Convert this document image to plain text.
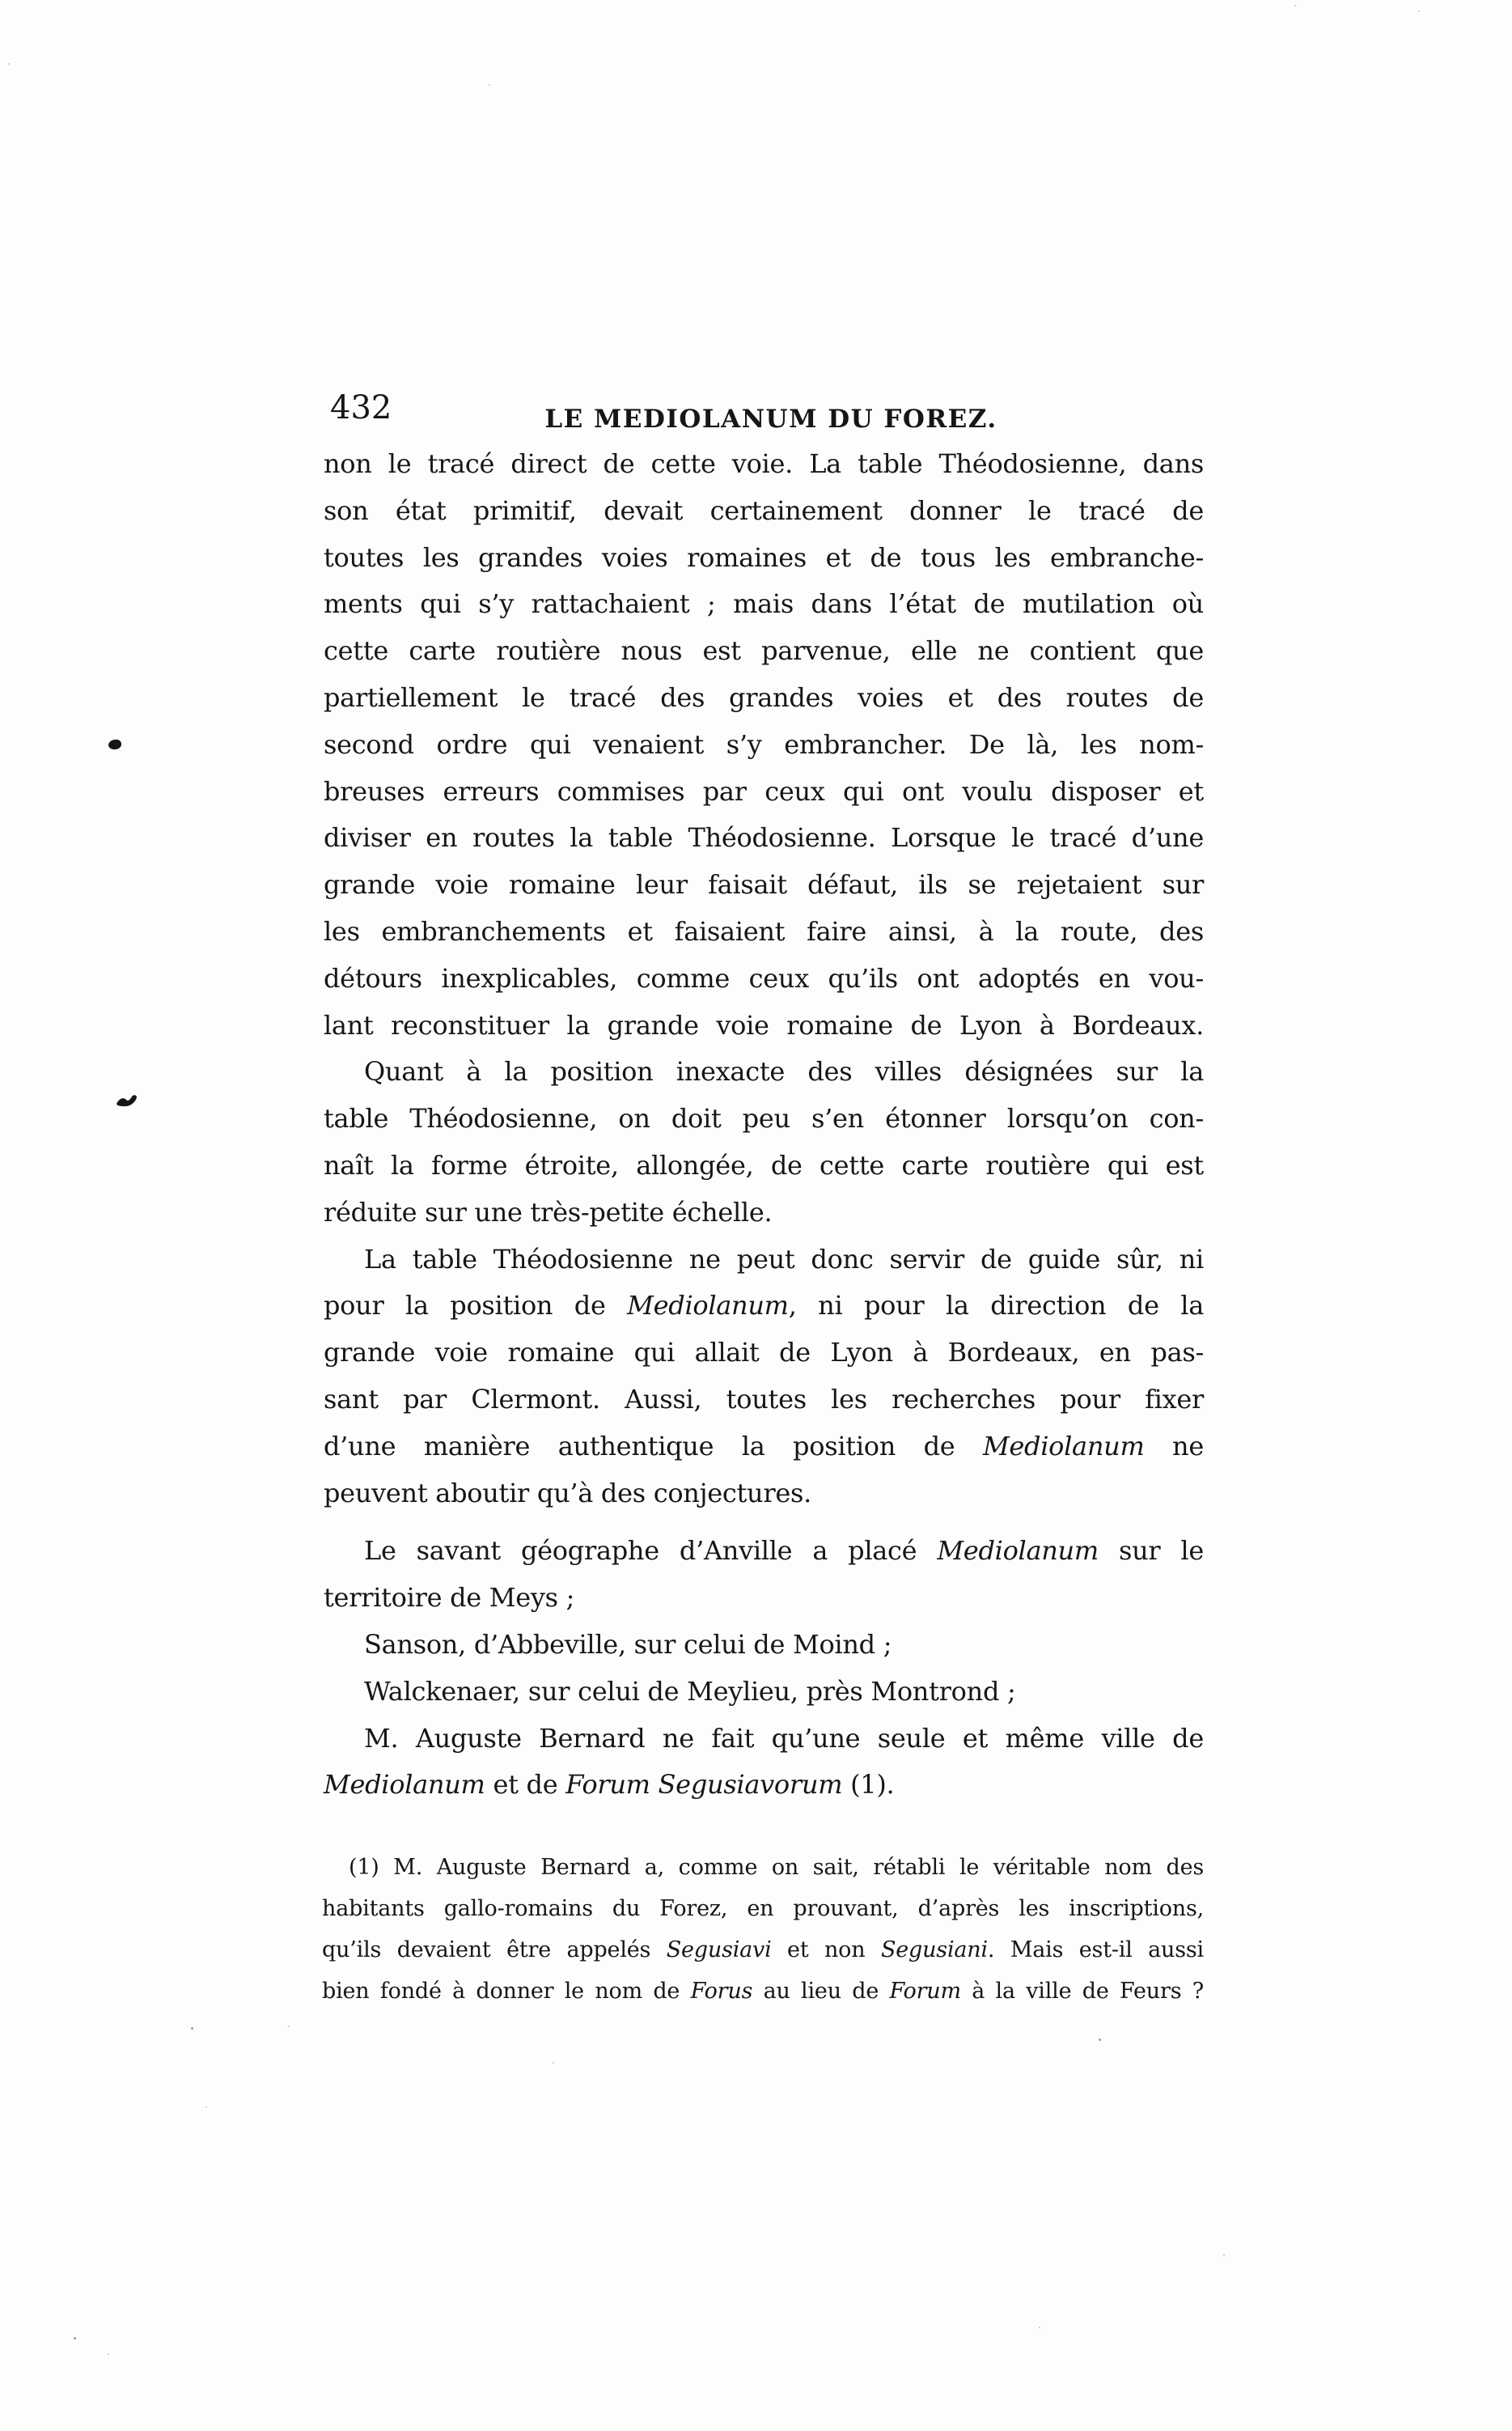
432	LE MEDIOLANUM DU FOREZ.
non le tracé direct de cette voie. La table Théodosienne, dans
son état primitif, devait certainement donner le tracé de
toutes les grandes voies romaines et de tous les embranche-
ments qui s’y rattachaient ; mais dans l’état de mutilation où
cette carte routière nous est parvenue, elle ne contient que
partiellement le tracé des grandes voies et des routes de
second ordre qui venaient s’y embrancher. De là, les nom-
breuses erreurs commises par ceux qui ont voulu disposer et
diviser en routes la table Théodosienne. Lorsque le tracé d’une
grande voie romaine leur faisait défaut, ils se rejetaient sur
les embranchements et faisaient faire ainsi, à la route, des
détours inexplicables, comme ceux qu’ils ont adoptés en vou-
lant reconstituer la grande voie romaine de Lyon à Bordeaux.
Quant à la position inexacte des villes désignées sur la
table Théodosienne, on doit peu s’en étonner lorsqu’on con-
naît la forme étroite, allongée, de cette carte routière qui est
réduite sur une très-petite échelle.
La table Théodosienne ne peut donc servir de guide sûr, ni
pour la position de Mediolanum, ni pour la direction de la
grande voie romaine qui allait de Lyon à Bordeaux, en pas-
sant par Clermont. Aussi, toutes les recherches pour fixer
d’une manière authentique la position de Mediolanum ne
peuvent aboutir qu’à des conjectures.
Le savant géographe d’Anville a placé Mediolanum sur le
territoire de Meys ;
Sanson, d’Abbeville, sur celui de Moind ;
Walckenaer, sur celui de Meylieu, près Montrond ;
M. Auguste Bernard ne fait qu’une seule et même ville de
Mediolanum et de Forum Segusiavorum (1).
(1) M. Auguste Bernard a, comme on sait, rétabli le véritable nom des
habitants gallo-romains du Forez, en prouvant, d’après les inscriptions,
qu’ils devaient être appelés Segusiavi et non Segusiani. Mais est-il aussi
bien fondé à donner le nom de Forus au lieu de Forum à la ville de Feurs ?
